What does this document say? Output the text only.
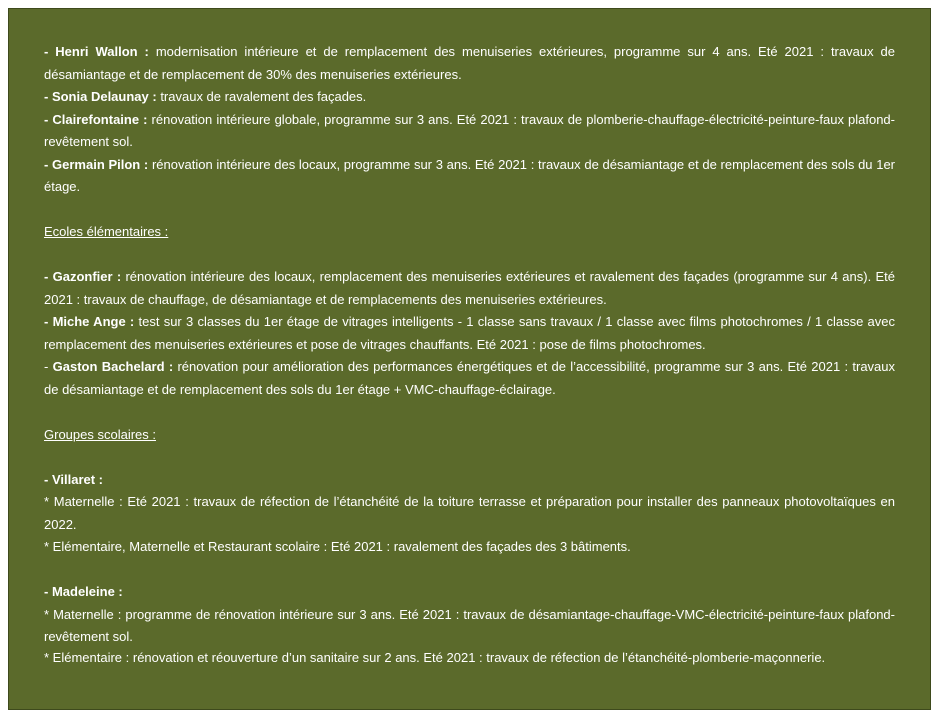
- Henri Wallon : modernisation intérieure et de remplacement des menuiseries extérieures, programme sur 4 ans. Eté 2021 : travaux de désamiantage et de remplacement de 30% des menuiseries extérieures.

- Sonia Delaunay : travaux de ravalement des façades.

- Clairefontaine : rénovation intérieure globale, programme sur 3 ans. Eté 2021 : travaux de plomberie-chauffage-électricité-peinture-faux plafond-revêtement sol.

- Germain Pilon : rénovation intérieure des locaux, programme sur 3 ans. Eté 2021 : travaux de désamiantage et de remplacement des sols du 1er étage.

Ecoles élémentaires :

- Gazonfier : rénovation intérieure des locaux, remplacement des menuiseries extérieures et ravalement des façades (programme sur 4 ans). Eté 2021 : travaux de chauffage, de désamiantage et de remplacements des menuiseries extérieures.

- Miche Ange : test sur 3 classes du 1er étage de vitrages intelligents - 1 classe sans travaux / 1 classe avec films photochromes / 1 classe avec remplacement des menuiseries extérieures et pose de vitrages chauffants. Eté 2021 : pose de films photochromes.

- Gaston Bachelard : rénovation pour amélioration des performances énergétiques et de l’accessibilité, programme sur 3 ans. Eté 2021 : travaux de désamiantage et de remplacement des sols du 1er étage + VMC-chauffage-éclairage.

Groupes scolaires :

- Villaret :

* Maternelle : Eté 2021 : travaux de réfection de l’étanchéité de la toiture terrasse et préparation pour installer des panneaux photovoltaïques en 2022.

* Elémentaire, Maternelle et Restaurant scolaire : Eté 2021 : ravalement des façades des 3 bâtiments.

- Madeleine :

* Maternelle : programme de rénovation intérieure sur 3 ans. Eté 2021 : travaux de désamiantage-chauffage-VMC-électricité-peinture-faux plafond-revêtement sol.

* Elémentaire : rénovation et réouverture d’un sanitaire sur 2 ans. Eté 2021 : travaux de réfection de l’étanchéité-plomberie-maçonnerie.
